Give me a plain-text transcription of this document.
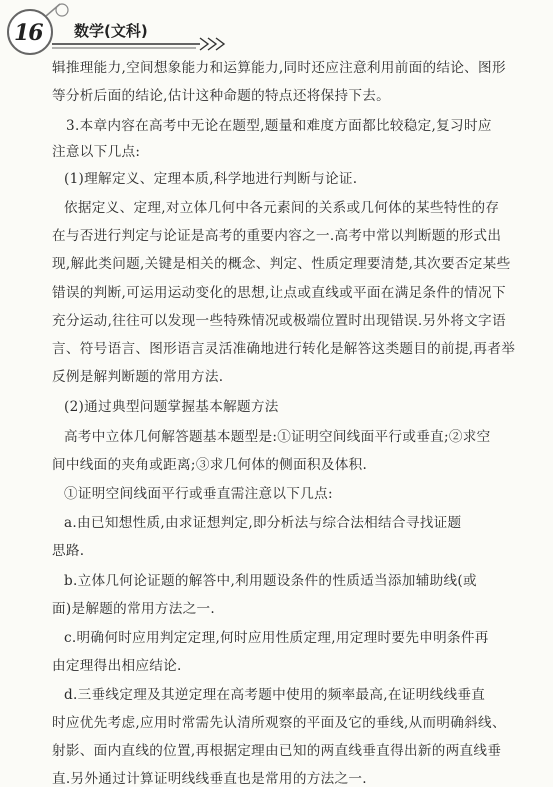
16	数学(文科)
辑推理能力,空间想象能力和运算能力,同时还应注意利用前面的结论、图形
等分析后面的结论,估计这种命题的特点还将保持下去。
3.本章内容在高考中无论在题型,题量和难度方面都比较稳定,复习时应
注意以下几点:
(1)理解定义、定理本质,科学地进行判断与论证.
依据定义、定理,对立体几何中各元素间的关系或几何体的某些特性的存
在与否进行判定与论证是高考的重要内容之一.高考中常以判断题的形式出
现,解此类问题,关键是相关的概念、判定、性质定理要清楚,其次要否定某些
错误的判断,可运用运动变化的思想,让点或直线或平面在满足条件的情况下
充分运动,往往可以发现一些特殊情况或极端位置时出现错误.另外将文字语
言、符号语言、图形语言灵活准确地进行转化是解答这类题目的前提,再者举
反例是解判断题的常用方法.
(2)通过典型问题掌握基本解题方法
高考中立体几何解答题基本题型是:①证明空间线面平行或垂直;②求空
间中线面的夹角或距离;③求几何体的侧面积及体积.
①证明空间线面平行或垂直需注意以下几点:
a.由已知想性质,由求证想判定,即分析法与综合法相结合寻找证题
思路.
b.立体几何论证题的解答中,利用题设条件的性质适当添加辅助线(或
面)是解题的常用方法之一.
c.明确何时应用判定定理,何时应用性质定理,用定理时要先申明条件再
由定理得出相应结论.
d.三垂线定理及其逆定理在高考题中使用的频率最高,在证明线线垂直
时应优先考虑,应用时常需先认清所观察的平面及它的垂线,从而明确斜线、
射影、面内直线的位置,再根据定理由已知的两直线垂直得出新的两直线垂
直.另外通过计算证明线线垂直也是常用的方法之一.
